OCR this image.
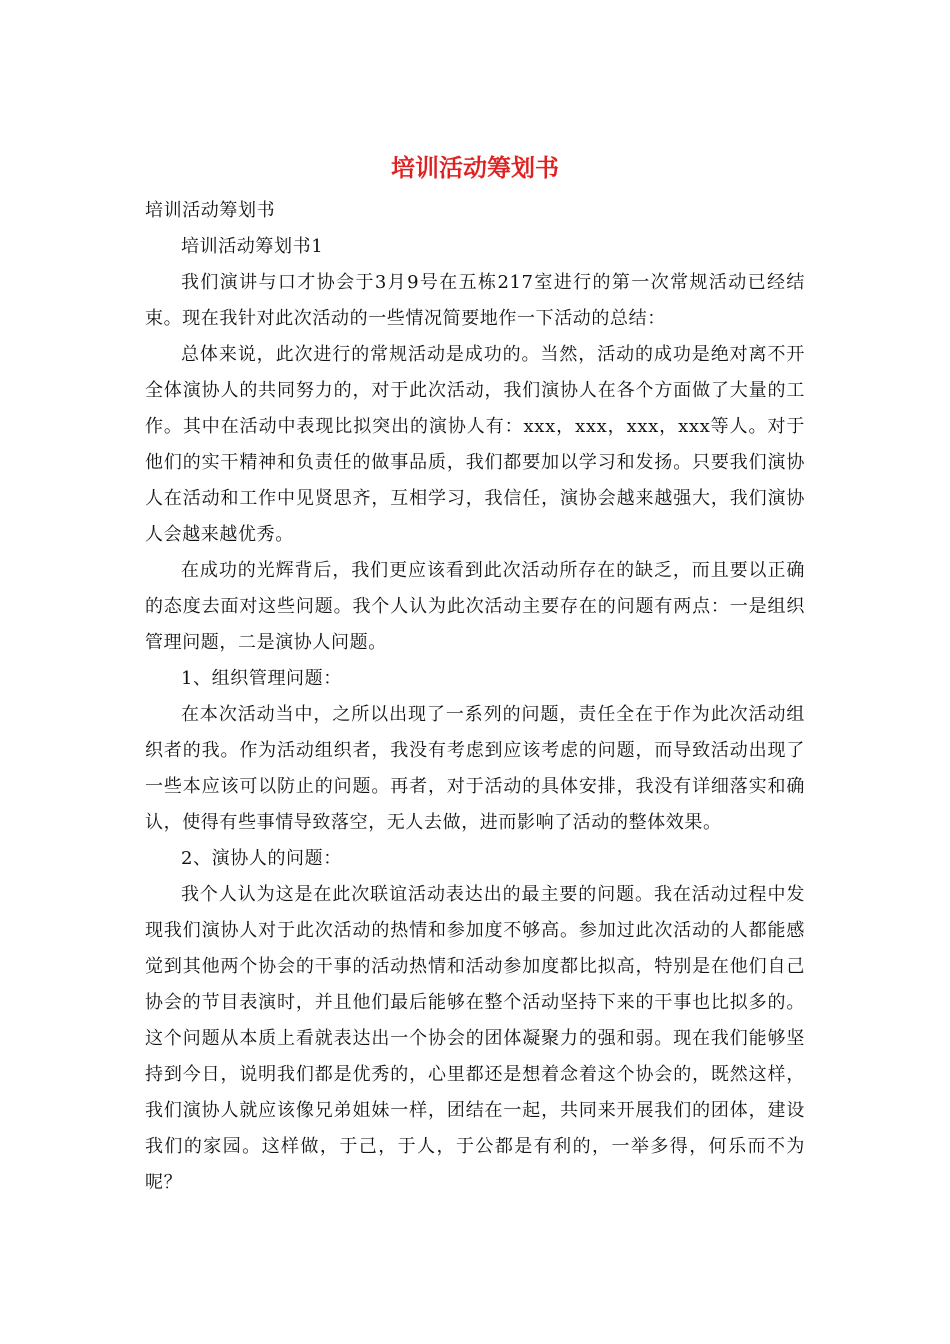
培训活动筹划书

培训活动筹划书

培训活动筹划书1

我们演讲与口才协会于3月9号在五栋217室进行的第一次常规活动已经结束。现在我针对此次活动的一些情况简要地作一下活动的总结：

总体来说，此次进行的常规活动是成功的。当然，活动的成功是绝对离不开全体演协人的共同努力的，对于此次活动，我们演协人在各个方面做了大量的工作。其中在活动中表现比拟突出的演协人有：xxx，xxx，xxx，xxx等人。对于他们的实干精神和负责任的做事品质，我们都要加以学习和发扬。只要我们演协人在活动和工作中见贤思齐，互相学习，我信任，演协会越来越强大，我们演协人会越来越优秀。

在成功的光辉背后，我们更应该看到此次活动所存在的缺乏，而且要以正确的态度去面对这些问题。我个人认为此次活动主要存在的问题有两点：一是组织管理问题，二是演协人问题。

1、组织管理问题：

在本次活动当中，之所以出现了一系列的问题，责任全在于作为此次活动组织者的我。作为活动组织者，我没有考虑到应该考虑的问题，而导致活动出现了一些本应该可以防止的问题。再者，对于活动的具体安排，我没有详细落实和确认，使得有些事情导致落空，无人去做，进而影响了活动的整体效果。

2、演协人的问题：

我个人认为这是在此次联谊活动表达出的最主要的问题。我在活动过程中发现我们演协人对于此次活动的热情和参加度不够高。参加过此次活动的人都能感觉到其他两个协会的干事的活动热情和活动参加度都比拟高，特别是在他们自己协会的节目表演时，并且他们最后能够在整个活动坚持下来的干事也比拟多的。这个问题从本质上看就表达出一个协会的团体凝聚力的强和弱。现在我们能够坚持到今日，说明我们都是优秀的，心里都还是想着念着这个协会的，既然这样，我们演协人就应该像兄弟姐妹一样，团结在一起，共同来开展我们的团体，建设我们的家园。这样做，于己，于人，于公都是有利的，一举多得，何乐而不为呢？
